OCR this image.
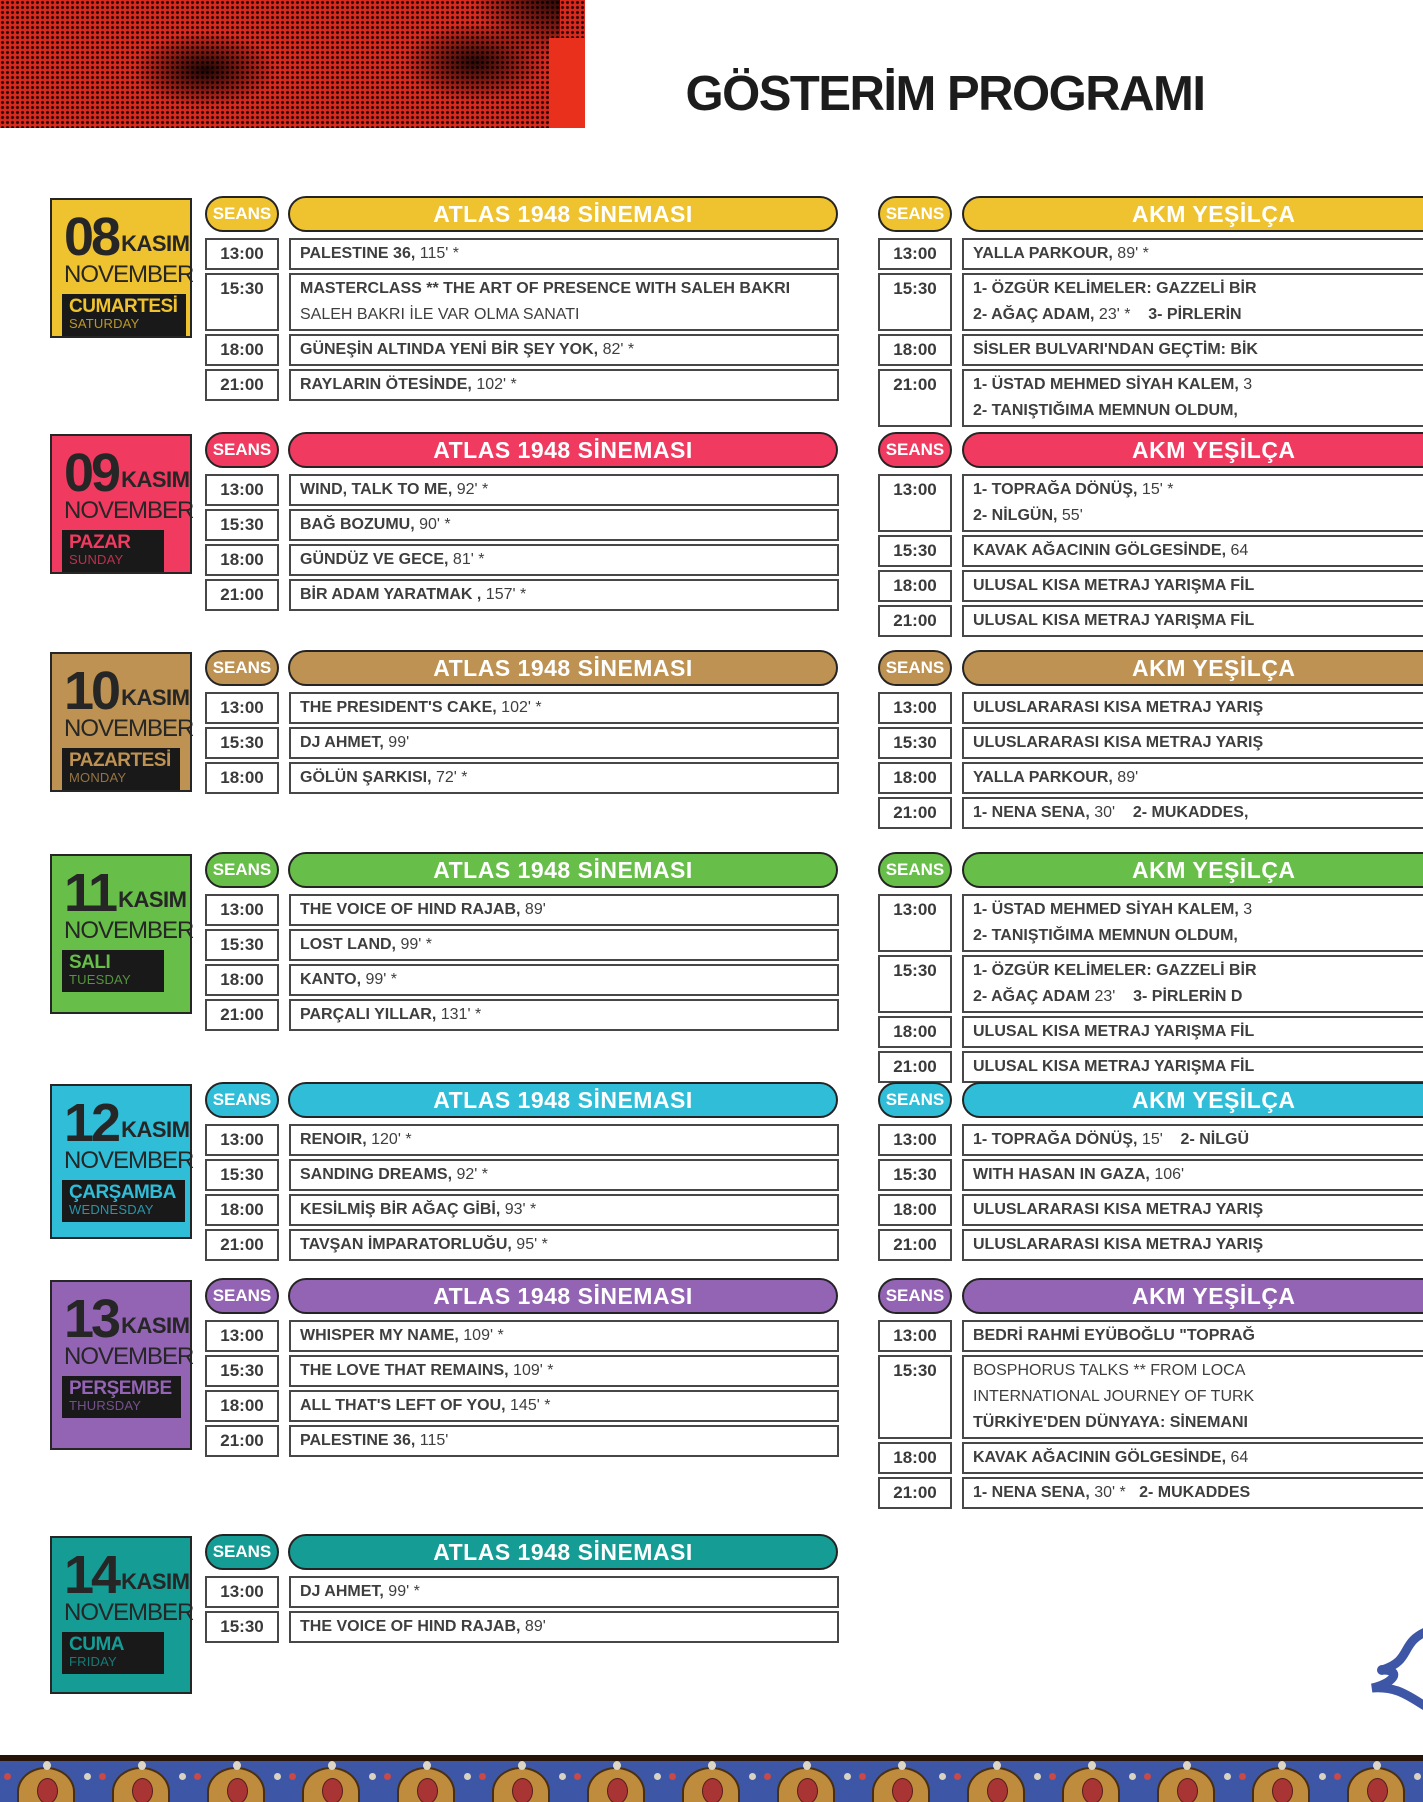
GÖSTERİM PROGRAMI
08 KASIM
NOVEMBER
CUMARTESİ
SATURDAY
SEANS	ATLAS 1948 SİNEMASI
13:00	PALESTINE 36, 115' *
15:30	MASTERCLASS ** THE ART OF PRESENCE WITH SALEH BAKRI
SALEH BAKRI İLE VAR OLMA SANATI
18:00	GÜNEŞİN ALTINDA YENİ BİR ŞEY YOK, 82' *
21:00	RAYLARIN ÖTESİNDE, 102' *
SEANS	AKM YEŞİLÇA
13:00	YALLA PARKOUR, 89' *
15:30	1- ÖZGÜR KELİMELER: GAZZELİ BİR
2- AĞAÇ ADAM, 23' *    3- PİRLERİN
18:00	SİSLER BULVARI'NDAN GEÇTİM: BİK
21:00	1- ÜSTAD MEHMED SİYAH KALEM, 3
2- TANIŞTIĞIMA MEMNUN OLDUM,
09 KASIM
NOVEMBER
PAZAR
SUNDAY
SEANS	ATLAS 1948 SİNEMASI
13:00	WIND, TALK TO ME, 92' *
15:30	BAĞ BOZUMU, 90' *
18:00	GÜNDÜZ VE GECE, 81' *
21:00	BİR ADAM YARATMAK , 157' *
SEANS	AKM YEŞİLÇA
13:00	1- TOPRAĞA DÖNÜŞ, 15' *
2- NİLGÜN, 55'
15:30	KAVAK AĞACININ GÖLGESİNDE, 64
18:00	ULUSAL KISA METRAJ YARIŞMA FİL
21:00	ULUSAL KISA METRAJ YARIŞMA FİL
10 KASIM
NOVEMBER
PAZARTESİ
MONDAY
SEANS	ATLAS 1948 SİNEMASI
13:00	THE PRESIDENT'S CAKE, 102' *
15:30	DJ AHMET, 99'
18:00	GÖLÜN ŞARKISI, 72' *
SEANS	AKM YEŞİLÇA
13:00	ULUSLARARASI KISA METRAJ YARIŞ
15:30	ULUSLARARASI KISA METRAJ YARIŞ
18:00	YALLA PARKOUR, 89'
21:00	1- NENA SENA, 30'    2- MUKADDES,
11 KASIM
NOVEMBER
SALI
TUESDAY
SEANS	ATLAS 1948 SİNEMASI
13:00	THE VOICE OF HIND RAJAB, 89'
15:30	LOST LAND, 99' *
18:00	KANTO, 99' *
21:00	PARÇALI YILLAR, 131' *
SEANS	AKM YEŞİLÇA
13:00	1- ÜSTAD MEHMED SİYAH KALEM, 3
2- TANIŞTIĞIMA MEMNUN OLDUM,
15:30	1- ÖZGÜR KELİMELER: GAZZELİ BİR
2- AĞAÇ ADAM 23'    3- PİRLERİN D
18:00	ULUSAL KISA METRAJ YARIŞMA FİL
21:00	ULUSAL KISA METRAJ YARIŞMA FİL
12 KASIM
NOVEMBER
ÇARŞAMBA
WEDNESDAY
SEANS	ATLAS 1948 SİNEMASI
13:00	RENOIR, 120' *
15:30	SANDING DREAMS, 92' *
18:00	KESİLMİŞ BİR AĞAÇ GİBİ, 93' *
21:00	TAVŞAN İMPARATORLUĞU, 95' *
SEANS	AKM YEŞİLÇA
13:00	1- TOPRAĞA DÖNÜŞ, 15'    2- NİLGÜ
15:30	WITH HASAN IN GAZA, 106'
18:00	ULUSLARARASI KISA METRAJ YARIŞ
21:00	ULUSLARARASI KISA METRAJ YARIŞ
13 KASIM
NOVEMBER
PERŞEMBE
THURSDAY
SEANS	ATLAS 1948 SİNEMASI
13:00	WHISPER MY NAME, 109' *
15:30	THE LOVE THAT REMAINS, 109' *
18:00	ALL THAT'S LEFT OF YOU, 145' *
21:00	PALESTINE 36, 115'
SEANS	AKM YEŞİLÇA
13:00	BEDRİ RAHMİ EYÜBOĞLU "TOPRAĞ
15:30	BOSPHORUS TALKS ** FROM LOCA
INTERNATIONAL JOURNEY OF TURK
TÜRKİYE'DEN DÜNYAYA: SİNEMANI
18:00	KAVAK AĞACININ GÖLGESİNDE, 64
21:00	1- NENA SENA, 30' *   2- MUKADDES
14 KASIM
NOVEMBER
CUMA
FRIDAY
SEANS	ATLAS 1948 SİNEMASI
13:00	DJ AHMET, 99' *
15:30	THE VOICE OF HIND RAJAB, 89'
